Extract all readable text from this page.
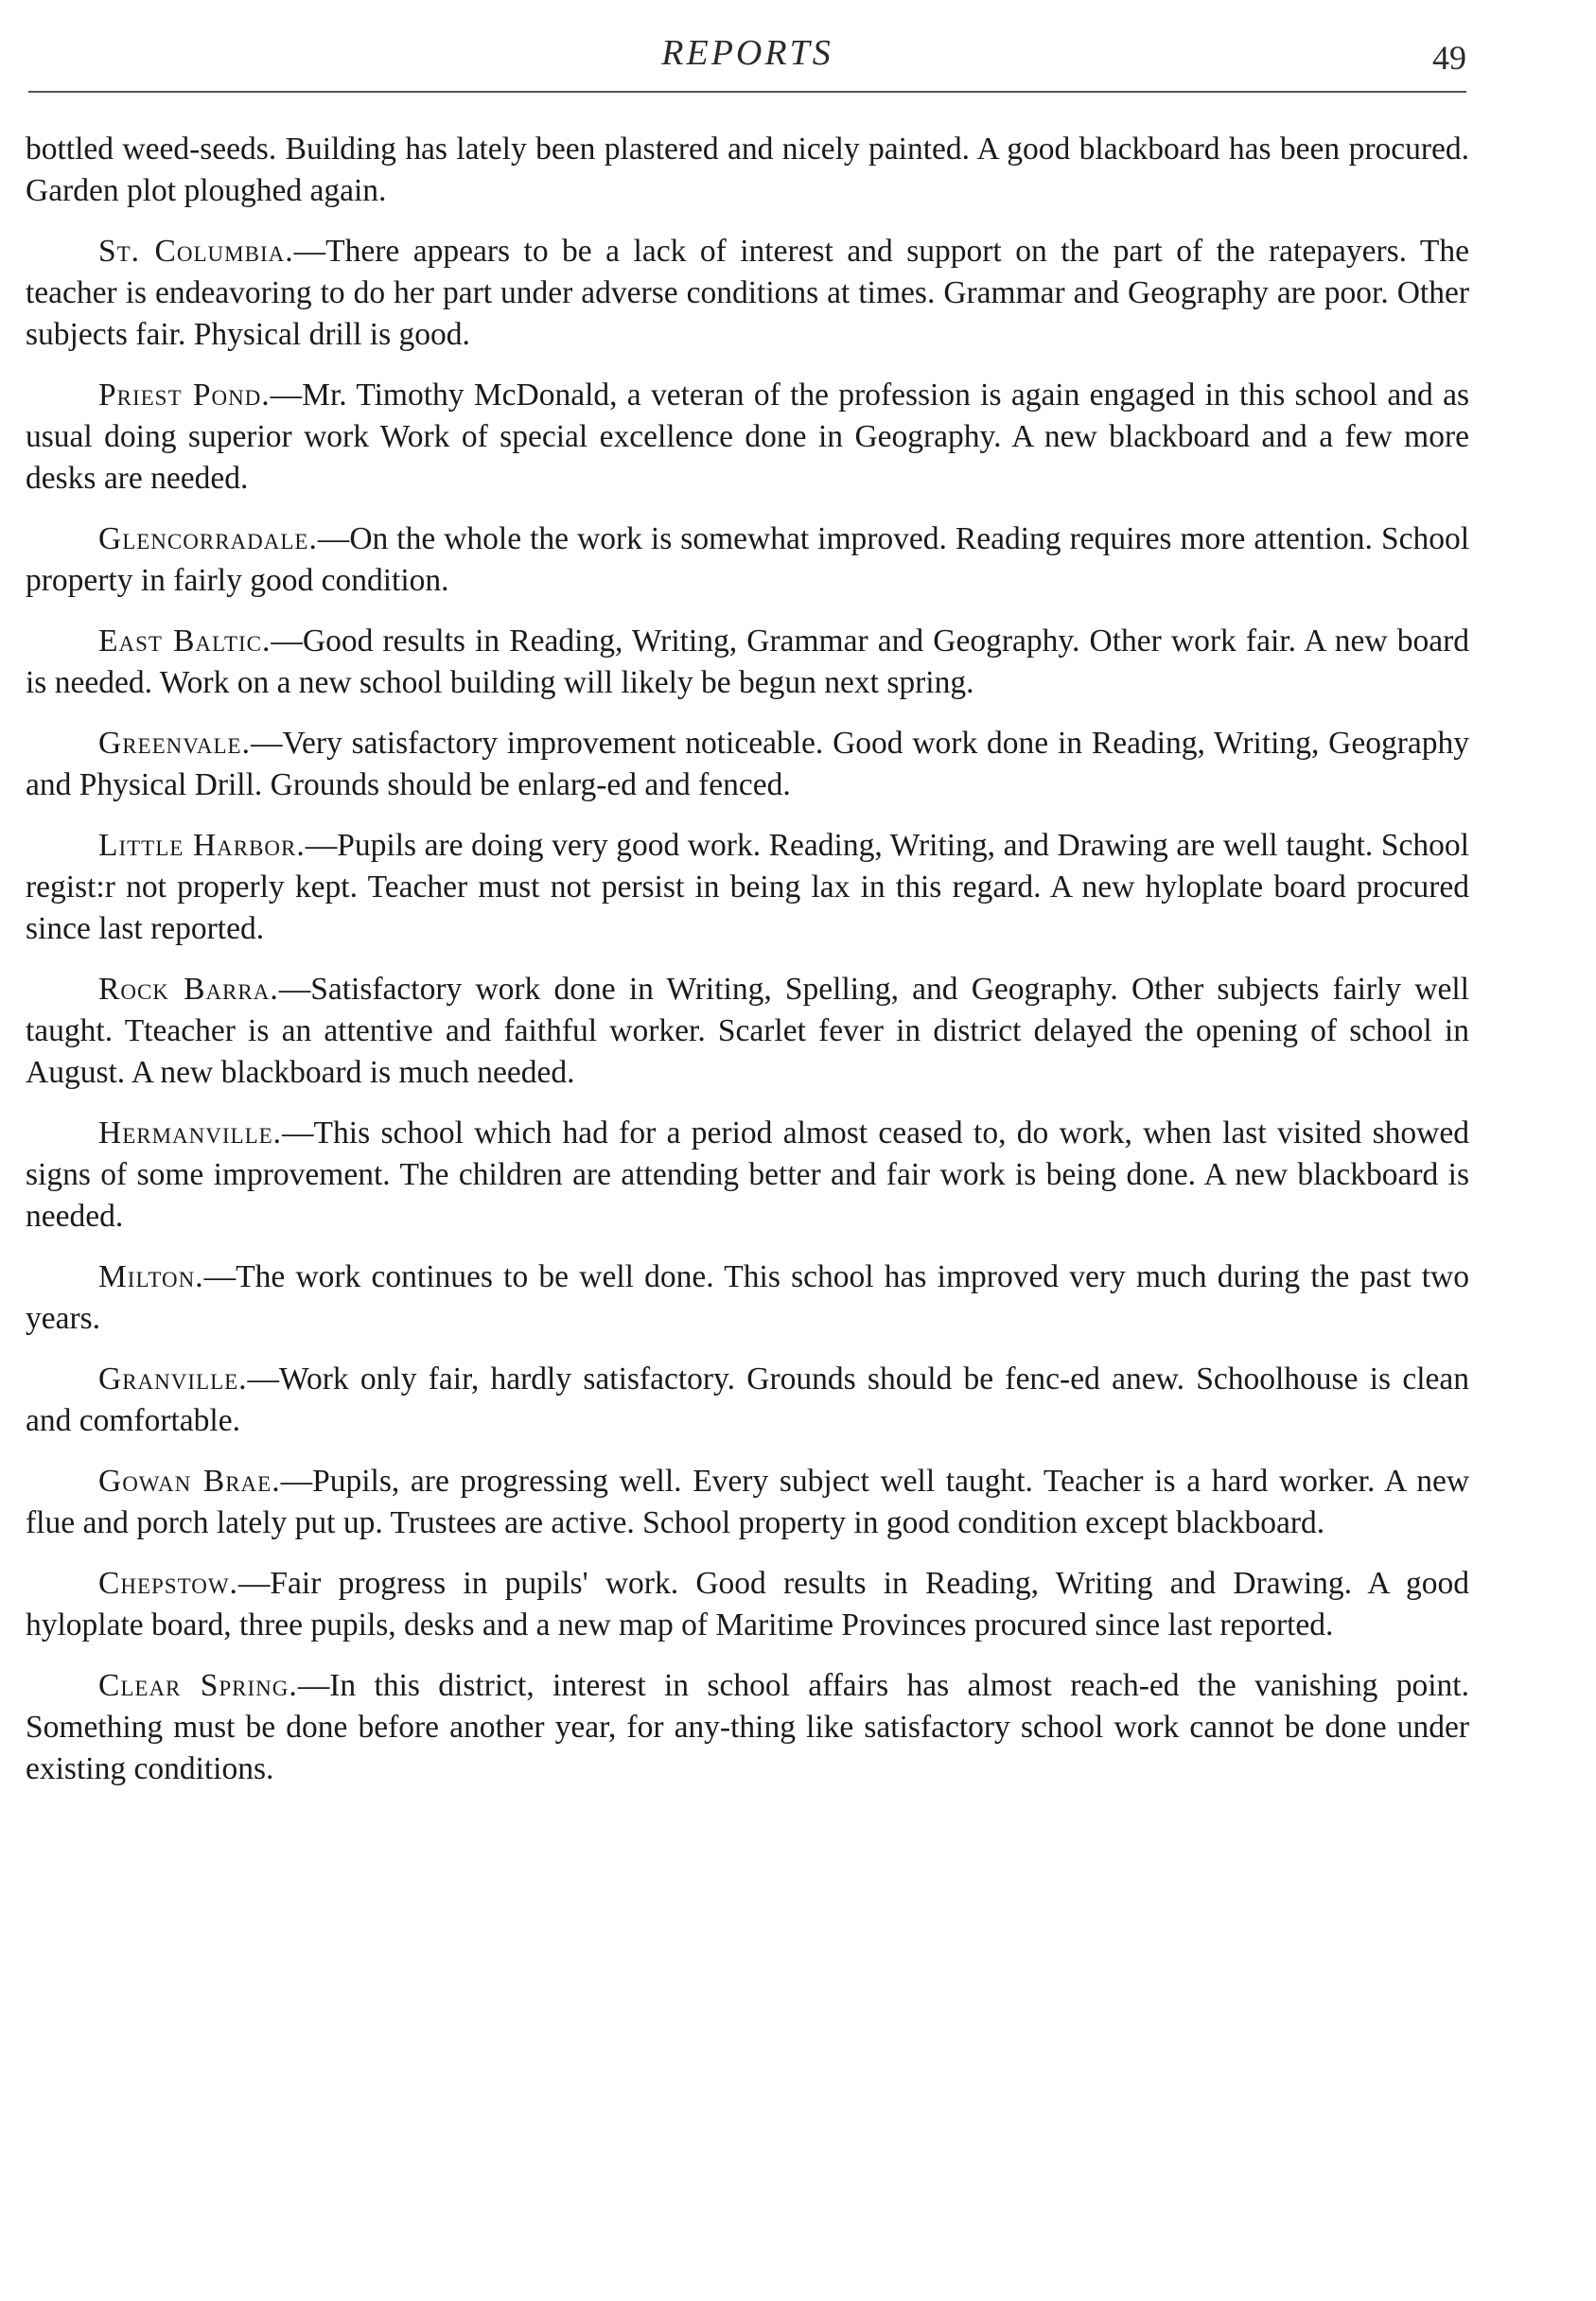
REPORTS	49

bottled weed-seeds. Building has lately been plastered and nicely painted. A good blackboard has been procured. Garden plot ploughed again.

St. Columbia.—There appears to be a lack of interest and support on the part of the ratepayers. The teacher is endeavoring to do her part under adverse conditions at times. Grammar and Geography are poor. Other subjects fair. Physical drill is good.

Priest Pond.—Mr. Timothy McDonald, a veteran of the profession is again engaged in this school and as usual doing superior work Work of special excellence done in Geography. A new blackboard and a few more desks are needed.

Glencorradale.—On the whole the work is somewhat improved. Reading requires more attention. School property in fairly good condition.

East Baltic.—Good results in Reading, Writing, Grammar and Geography. Other work fair. A new board is needed. Work on a new school building will likely be begun next spring.

Greenvale.—Very satisfactory improvement noticeable. Good work done in Reading, Writing, Geography and Physical Drill. Grounds should be enlarg-ed and fenced.

Little Harbor.—Pupils are doing very good work. Reading, Writing, and Drawing are well taught. School regist:r not properly kept. Teacher must not persist in being lax in this regard. A new hyloplate board procured since last reported.

Rock Barra.—Satisfactory work done in Writing, Spelling, and Geography. Other subjects fairly well taught. Tteacher is an attentive and faithful worker. Scarlet fever in district delayed the opening of school in August. A new blackboard is much needed.

Hermanville.—This school which had for a period almost ceased to, do work, when last visited showed signs of some improvement. The children are attending better and fair work is being done. A new blackboard is needed.

Milton.—The work continues to be well done. This school has improved very much during the past two years.

Granville.—Work only fair, hardly satisfactory. Grounds should be fenc-ed anew. Schoolhouse is clean and comfortable.

Gowan Brae.—Pupils, are progressing well. Every subject well taught. Teacher is a hard worker. A new flue and porch lately put up. Trustees are active. School property in good condition except blackboard.

Chepstow.—Fair progress in pupils' work. Good results in Reading, Writing and Drawing. A good hyloplate board, three pupils, desks and a new map of Maritime Provinces procured since last reported.

Clear Spring.—In this district, interest in school affairs has almost reach-ed the vanishing point. Something must be done before another year, for any-thing like satisfactory school work cannot be done under existing conditions.
